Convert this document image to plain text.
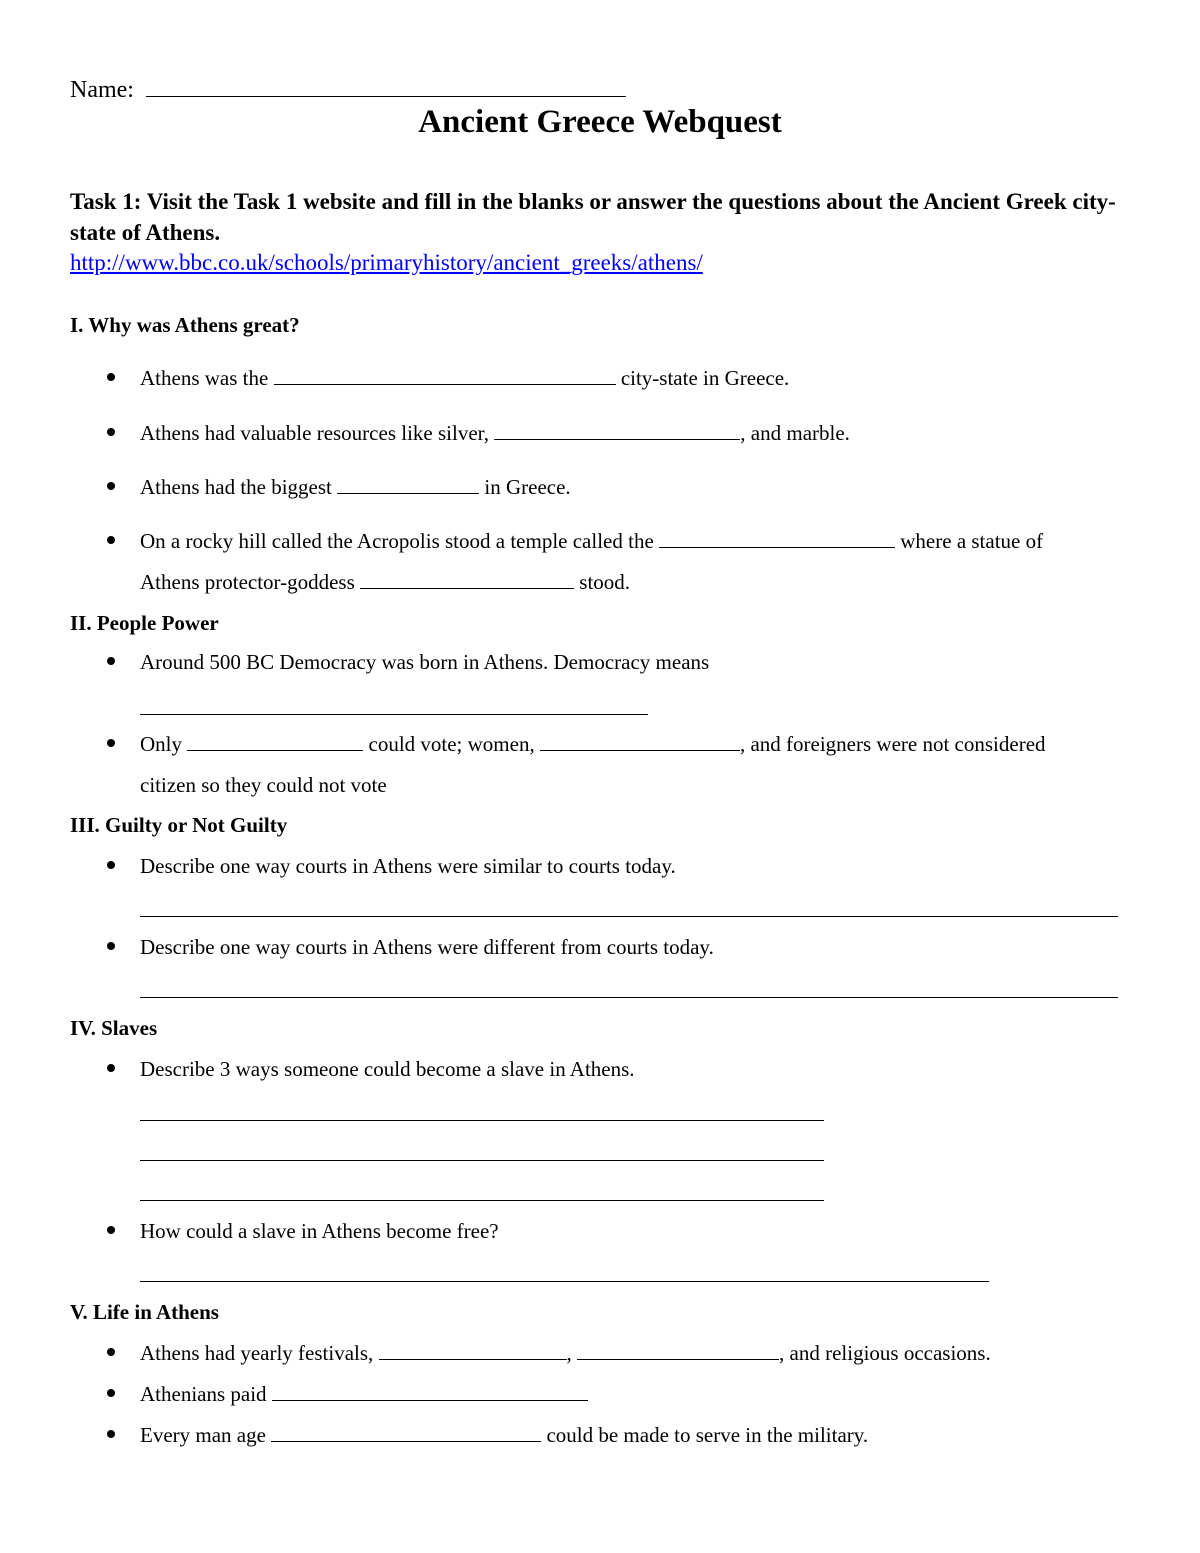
Name:
Ancient Greece Webquest
Task 1: Visit the Task 1 website and fill in the blanks or answer the questions about the Ancient Greek city-state of Athens.
http://www.bbc.co.uk/schools/primaryhistory/ancient_greeks/athens/
I. Why was Athens great?
Athens was the	city-state in Greece.
Athens had valuable resources like silver,	, and marble.
Athens had the biggest	in Greece.
On a rocky hill called the Acropolis stood a temple called the	where a statue of
Athens protector-goddess	stood.
II. People Power
Around 500 BC Democracy was born in Athens. Democracy means
Only	could vote; women,	, and foreigners were not considered
citizen so they could not vote
III. Guilty or Not Guilty
Describe one way courts in Athens were similar to courts today.
Describe one way courts in Athens were different from courts today.
IV. Slaves
Describe 3 ways someone could become a slave in Athens.
How could a slave in Athens become free?
V. Life in Athens
Athens had yearly festivals,	,	, and religious occasions.
Athenians paid
Every man age	could be made to serve in the military.
